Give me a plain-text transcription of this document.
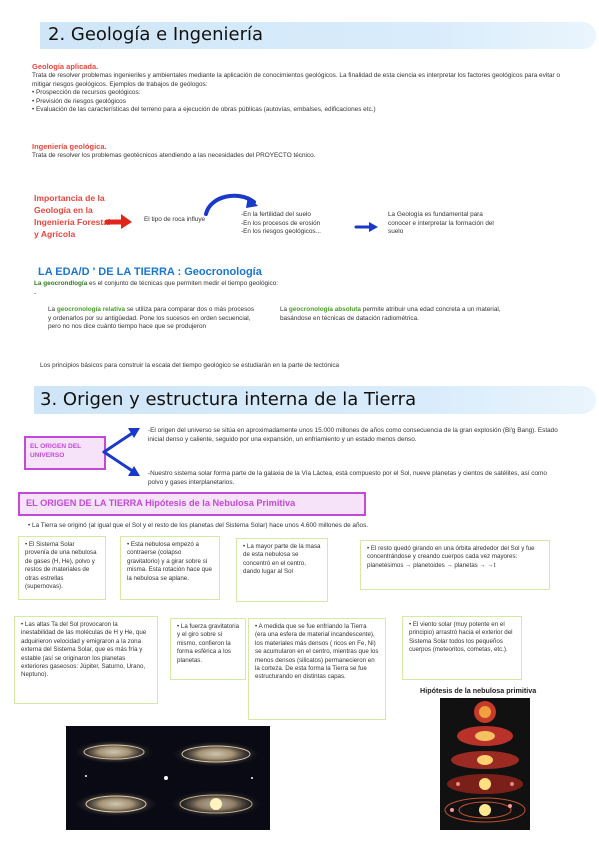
2. Geología e Ingeniería
Geología aplicada.
Trata de resolver problemas ingenieriles y ambientales mediante la aplicación de conocimientos geológicos. La finalidad de esta ciencia es interpretar los factores geológicos para evitar o mitigar riesgos geológicos. Ejemplos de trabajos de geólogos:
• Prospección de recursos geológicos:
• Previsión de riesgos geológicos
• Evaluación de las características del terreno para a ejecución de obras públicas (autovías, embalses, edificaciones etc.)
Ingeniería geológica.
Trata de resolver los problemas geotécnicos atendiendo a las necesidades del PROYECTO técnico.
Importancia de la Geología en la Ingeniería Forestal y Agrícola
El tipo de roca influye
-En la fertilidad del suelo
-En los procesos de erosión
-En los riesgos geológicos...
La Geología es fundamental para conocer e interpretar la formación del suelo
LA EDA/D ' DE LA TIERRA : Geocronología
La geocrondlogía es el conjunto de técnicas que permiten medir el tiempo geológico:
-
La geocronología relativa se utiliza para comparar dos o más procesos y ordenarlos por su antigüedad. Pone los sucesos en orden secuencial, pero no nos dice cuánto tiempo hace que se produjeron
La geocronología absoluta permite atribuir una edad concreta a un material, basándose en técnicas de datación radiométrica.
Los principios básicos para construir la escala del tiempo geológico se estudiarán en la parte de tectónica
3. Origen y estructura interna de la Tierra
EL ORIGEN DEL UNIVERSO
-El origen del universo se sitúa en aproximadamente unos 15.000 millones de años como consecuencia de la gran explosión (Bi'g Bang). Estado inicial denso y caliente, seguido por una expansión, un enfriamiento y un estado menos denso.
-Nuestro sistema solar forma parte de la galaxia de la Vía Láctea, está compuesto por el Sol, nueve planetas y cientos de satélites, así como polvo y gases interplanetarios.
EL ORIGEN DE LA TIERRA Hipótesis de la Nebulosa Primitiva
• La Tierra se originó (al igual que el Sol y el resto de los planetas del Sistema Solar) hace unos 4.600 millones de años.
• El Sistema Solar provenía de una nebulosa de gases (H, He), polvo y restos de materiales de otras estrellas (supernovas).
• Esta nebulosa empezó a contraerse (colapso gravitatorio) y a girar sobre sí misma. Esta rotación hace que la nebulosa se aplane.
• La mayor parte de la masa de esta nebulosa se concentró en el centro, dando lugar al Sol
• El resto quedó girando en una órbita alrededor del Sol y fue concentrándose y creando cuerpos cada vez mayores: planetésimos → planetoides → planetas → →t
• Las altas Ta del Sol provocaron la inestabilidad de las moléculas de H y He, que adquirieron velocidad y emigraron a la zona externa del Sistema Solar, que es más fría y estable (así se originaron los planetas exteriores gaseosos: Júpiter, Saturno, Urano, Neptuno).
• La fuerza gravitatoria y el giro sobre sí mismo, confieron la forma esférica a los planetas.
• A medida que se fue enfriando la Tierra (era una esfera de material incandescente), los materiales más densos ( ricos en Fe, Ni) se acumularon en el centro, mientras que los menos densos (silicatos) permanecieron en la corteza. De esta forma la Tierra se fue estructurando en distintas capas.
• El viento solar (muy potente en el principio) arrastró hacia el exterior del Sistema Solar todos los pequeños cuerpos (meteoritos, cometas, etc.).
Hipótesis de la nebulosa primitiva
